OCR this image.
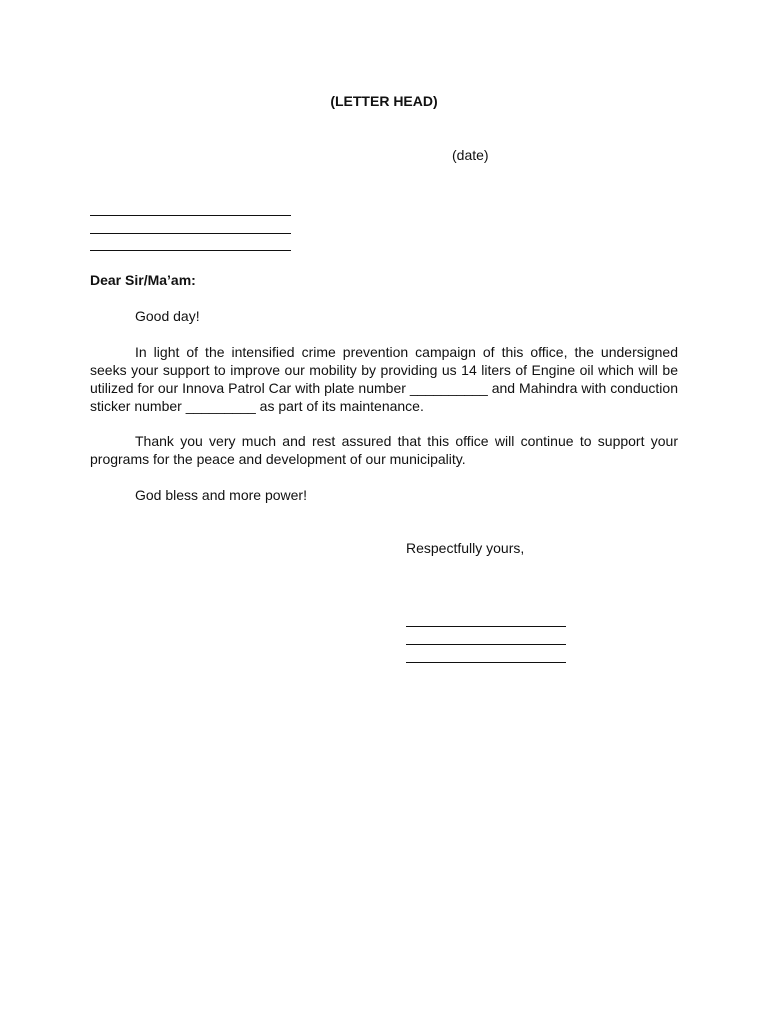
(LETTER HEAD)
(date)
Dear Sir/Ma’am:

Good day!

In light of the intensified crime prevention campaign of this office, the undersigned seeks your support to improve our mobility by providing us 14 liters of Engine oil which will be utilized for our Innova Patrol Car with plate number __________ and Mahindra with conduction sticker number _________ as part of its maintenance.

Thank you very much and rest assured that this office will continue to support your programs for the peace and development of our municipality.

God bless and more power!

Respectfully yours,
